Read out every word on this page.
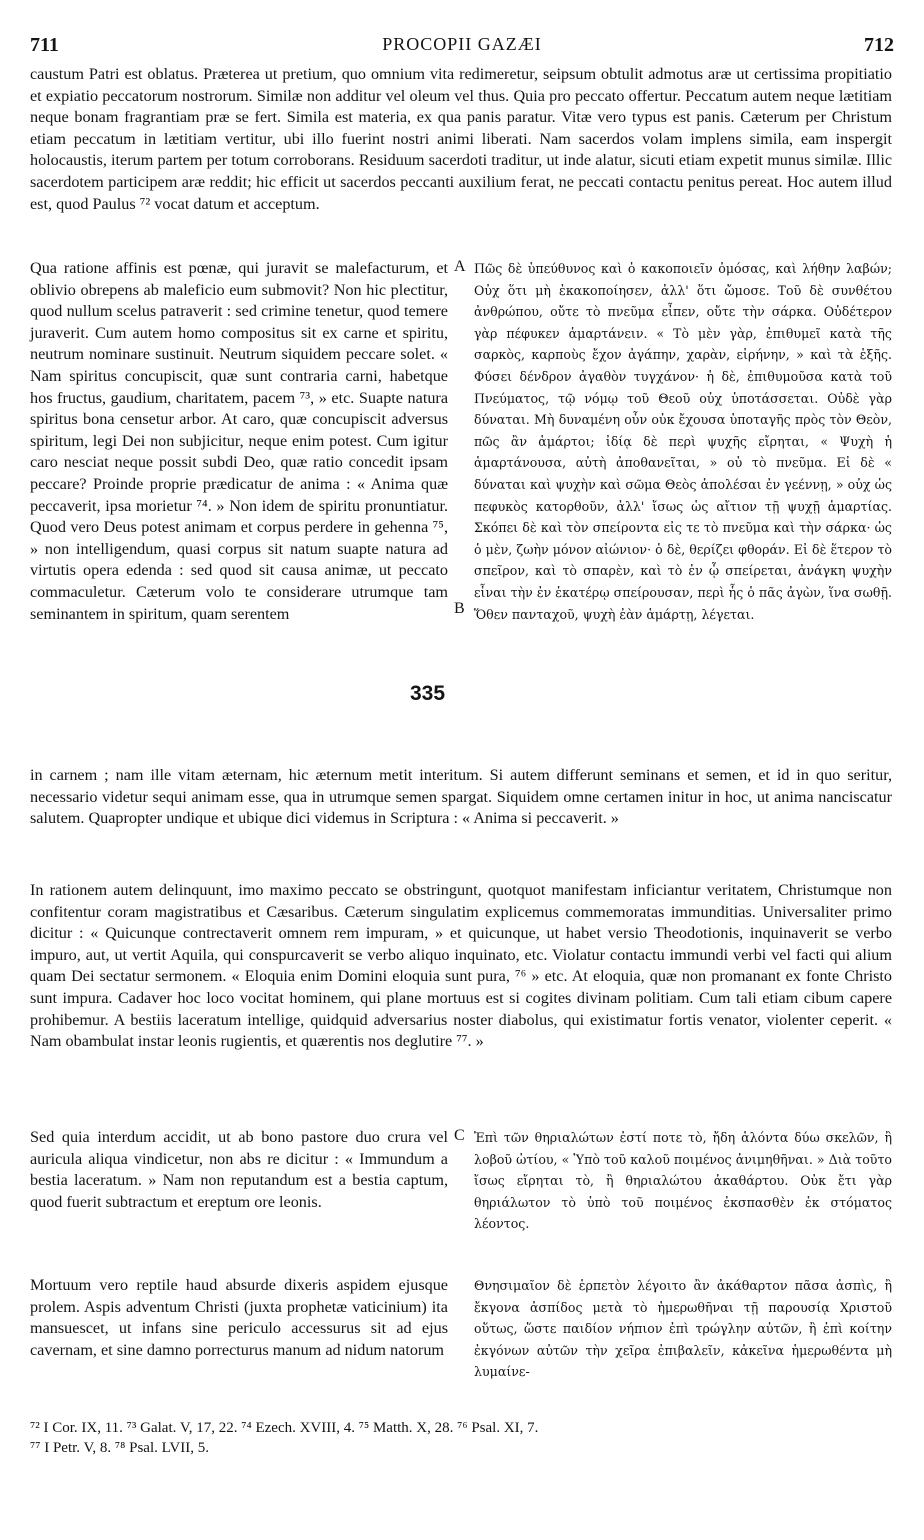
711	PROCOPII GAZÆI	712

caustum Patri est oblatus. Præterea ut pretium, quo omnium vita redimeretur, seipsum obtulit admotus aræ ut certissima propitiatio et expiatio peccatorum nostrorum. Similæ non additur vel oleum vel thus. Quia pro peccato offertur. Peccatum autem neque lætitiam neque bonam fragrantiam præ se fert. Simila est materia, ex qua panis paratur. Vitæ vero typus est panis. Cæterum per Christum etiam peccatum in lætitiam vertitur, ubi illo fuerint nostri animi liberati. Nam sacerdos volam implens simila, eam inspergit holocaustis, iterum partem per totum corroborans. Residuum sacerdoti traditur, ut inde alatur, sicuti etiam expetit munus similæ. Illic sacerdotem participem aræ reddit; hic efficit ut sacerdos peccanti auxilium ferat, ne peccati contactu penitus pereat. Hoc autem illud est, quod Paulus ⁷² vocat datum et acceptum.

Qua ratione affinis est pœnæ, qui juravit se malefacturum, et oblivio obrepens ab maleficio eum submovit? Non hic plectitur, quod nullum scelus patraverit : sed crimine tenetur, quod temere juraverit. Cum autem homo compositus sit ex carne et spiritu, neutrum nominare sustinuit. Neutrum siquidem peccare solet. « Nam spiritus concupiscit, quæ sunt contraria carni, habetque hos fructus, gaudium, charitatem, pacem ⁷³, » etc. Suapte natura spiritus bona censetur arbor. At caro, quæ concupiscit adversus spiritum, legi Dei non subjicitur, neque enim potest. Cum igitur caro nesciat neque possit subdi Deo, quæ ratio concedit ipsam peccare? Proinde proprie prædicatur de anima : « Anima quæ peccaverit, ipsa morietur ⁷⁴. » Non idem de spiritu pronuntiatur. Quod vero Deus potest animam et corpus perdere in gehenna ⁷⁵, » non intelligendum, quasi corpus sit natum suapte natura ad virtutis opera edenda : sed quod sit causa animæ, ut peccato commaculetur. Cæterum volo te considerare utrumque tam seminantem in spiritum, quam serentem

A
B
335

Πῶς δὲ ὑπεύθυνος καὶ ὁ κακοποιεῖν ὀμόσας, καὶ λήθην λαβών; Οὐχ ὅτι μὴ ἐκακοποίησεν, ἀλλ' ὅτι ὤμοσε. Τοῦ δὲ συνθέτου ἀνθρώπου, οὔτε τὸ πνεῦμα εἶπεν, οὔτε τὴν σάρκα. Οὐδέτερον γὰρ πέφυκεν ἁμαρτάνειν. « Τὸ μὲν γὰρ, ἐπιθυμεῖ κατὰ τῆς σαρκὸς, καρποὺς ἔχον ἀγάπην, χαρὰν, εἰρήνην, » καὶ τὰ ἑξῆς. Φύσει δένδρον ἀγαθὸν τυγχάνον· ἡ δὲ, ἐπιθυμοῦσα κατὰ τοῦ Πνεύματος, τῷ νόμῳ τοῦ Θεοῦ οὐχ ὑποτάσσεται. Οὐδὲ γὰρ δύναται. Μὴ δυναμένη οὖν οὐκ ἔχουσα ὑποταγῆς πρὸς τὸν Θεὸν, πῶς ἂν ἁμάρτοι; ἰδίᾳ δὲ περὶ ψυχῆς εἴρηται, « Ψυχὴ ἡ ἁμαρτάνουσα, αὐτὴ ἀποθανεῖται, » οὐ τὸ πνεῦμα. Εἰ δὲ « δύναται καὶ ψυχὴν καὶ σῶμα Θεὸς ἀπολέσαι ἐν γεέννῃ, » οὐχ ὡς πεφυκὸς κατορθοῦν, ἀλλ' ἴσως ὡς αἴτιον τῇ ψυχῇ ἁμαρτίας. Σκόπει δὲ καὶ τὸν σπείροντα εἰς τε τὸ πνεῦμα καὶ τὴν σάρκα· ὡς ὁ μὲν, ζωὴν μόνον αἰώνιον· ὁ δὲ, θερίζει φθοράν. Εἰ δὲ ἕτερον τὸ σπεῖρον, καὶ τὸ σπαρὲν, καὶ τὸ ἐν ᾧ σπείρεται, ἀνάγκη ψυχὴν εἶναι τὴν ἐν ἑκατέρῳ σπείρουσαν, περὶ ἧς ὁ πᾶς ἀγὼν, ἵνα σωθῇ. Ὅθεν πανταχοῦ, ψυχὴ ἐὰν ἁμάρτῃ, λέγεται.

in carnem ; nam ille vitam æternam, hic æternum metit interitum. Si autem differunt seminans et semen, et id in quo seritur, necessario videtur sequi animam esse, qua in utrumque semen spargat. Siquidem omne certamen initur in hoc, ut anima nanciscatur salutem. Quapropter undique et ubique dici videmus in Scriptura : « Anima si peccaverit. »

In rationem autem delinquunt, imo maximo peccato se obstringunt, quotquot manifestam inficiantur veritatem, Christumque non confitentur coram magistratibus et Cæsaribus. Cæterum singulatim explicemus commemoratas immunditias. Universaliter primo dicitur : « Quicunque contrectaverit omnem rem impuram, » et quicunque, ut habet versio Theodotionis, inquinaverit se verbo impuro, aut, ut vertit Aquila, qui conspurcaverit se verbo aliquo inquinato, etc. Violatur contactu immundi verbi vel facti qui alium quam Dei sectatur sermonem. « Eloquia enim Domini eloquia sunt pura, ⁷⁶ » etc. At eloquia, quæ non promanant ex fonte Christo sunt impura. Cadaver hoc loco vocitat hominem, qui plane mortuus est si cogites divinam politiam. Cum tali etiam cibum capere prohibemur. A bestiis laceratum intellige, quidquid adversarius noster diabolus, qui existimatur fortis venator, violenter ceperit. « Nam obambulat instar leonis rugientis, et quærentis nos deglutire ⁷⁷. »

Sed quia interdum accidit, ut ab bono pastore duo crura vel auricula aliqua vindicetur, non abs re dicitur : « Immundum a bestia laceratum. » Nam non reputandum est a bestia captum, quod fuerit subtractum et ereptum ore leonis.

C Ἐπὶ τῶν θηριαλώτων ἐστί ποτε τὸ, ἤδη ἁλόντα δύω σκελῶν, ἢ λοβοῦ ὠτίου, « Ὑπὸ τοῦ καλοῦ ποιμένος ἀνιμηθῆναι. » Διὰ τοῦτο ἴσως εἴρηται τὸ, ἢ θηριαλώτου ἀκαθάρτου. Οὐκ ἔτι γὰρ θηριάλωτον τὸ ὑπὸ τοῦ ποιμένος ἐκσπασθὲν ἐκ στόματος λέοντος.

Mortuum vero reptile haud absurde dixeris aspidem ejusque prolem. Aspis adventum Christi (juxta prophetæ vaticinium) ita mansuescet, ut infans sine periculo accessurus sit ad ejus cavernam, et sine damno porrecturus manum ad nidum natorum

Θνησιμαῖον δὲ ἑρπετὸν λέγοιτο ἂν ἀκάθαρτον πᾶσα ἀσπὶς, ἢ ἔκγονα ἀσπίδος μετὰ τὸ ἡμερωθῆναι τῇ παρουσίᾳ Χριστοῦ οὕτως, ὥστε παιδίον νήπιον ἐπὶ τρώγλην αὐτῶν, ἢ ἐπὶ κοίτην ἐκγόνων αὐτῶν τὴν χεῖρα ἐπιβαλεῖν, κἀκεῖνα ἡμερωθέντα μὴ λυμαίνε-

⁷² I Cor. IX, 11. ⁷³ Galat. V, 17, 22. ⁷⁴ Ezech. XVIII, 4. ⁷⁵ Matth. X, 28. ⁷⁶ Psal. XI, 7.
⁷⁷ I Petr. V, 8. ⁷⁸ Psal. LVII, 5.
